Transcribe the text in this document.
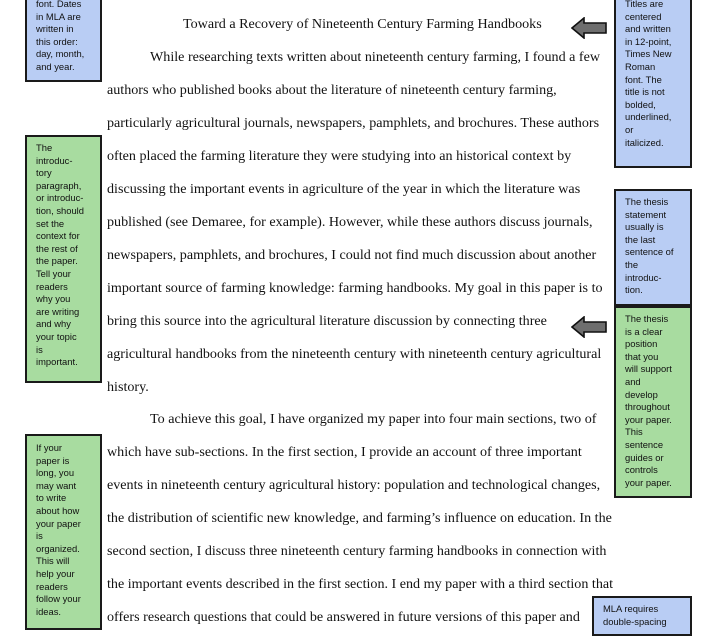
Toward a Recovery of Nineteenth Century Farming Handbooks
While researching texts written about nineteenth century farming, I found a few
authors who published books about the literature of nineteenth century farming,
particularly agricultural journals, newspapers, pamphlets, and brochures. These authors
often placed the farming literature they were studying into an historical context by
discussing the important events in agriculture of the year in which the literature was
published (see Demaree, for example). However, while these authors discuss journals,
newspapers, pamphlets, and brochures, I could not find much discussion about another
important source of farming knowledge: farming handbooks. My goal in this paper is to
bring this source into the agricultural literature discussion by connecting three
agricultural handbooks from the nineteenth century with nineteenth century agricultural
history.
To achieve this goal, I have organized my paper into four main sections, two of
which have sub-sections. In the first section, I provide an account of three important
events in nineteenth century agricultural history: population and technological changes,
the distribution of scientific new knowledge, and farming’s influence on education. In the
second section, I discuss three nineteenth century farming handbooks in connection with
the important events described in the first section. I end my paper with a third section that
offers research questions that could be answered in future versions of this paper and
font. Dates
in MLA are
written in
this order:
day, month,
and year.
The
introduc-
tory
paragraph,
or introduc-
tion, should
set the
context for
the rest of
the paper.
Tell your
readers
why you
are writing
and why
your topic
is
important.
If your
paper is
long, you
may want
to write
about how
your paper
is
organized.
This will
help your
readers
follow your
ideas.
Titles are
centered
and written
in 12-point,
Times New
Roman
font. The
title is not
bolded,
underlined,
or
italicized.
The thesis
statement
usually is
the last
sentence of
the
introduc-
tion.
The thesis
is a clear
position
that you
will support
and
develop
throughout
your paper.
This
sentence
guides or
controls
your paper.
MLA requires
double-spacing
